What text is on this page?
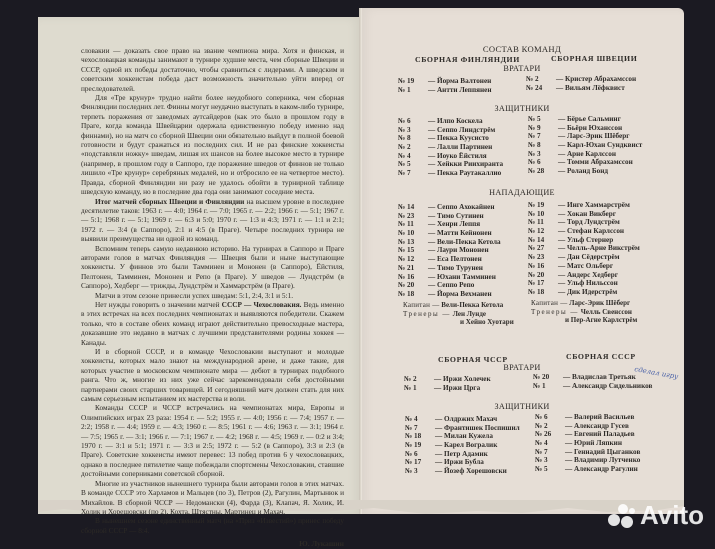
словакии — доказать свое право на звание чемпиона мира. Хотя и финская, и чехословацкая команды занимают в турнире худшие места, чем сборные Швеции и СССР, одной их победы достаточно, чтобы сравниться с лидерами. А шведским и советским хоккеистам победа даст возможность значительно уйти вперед от преследователей.

Для «Тре крунур» трудно найти более неудобного соперника, чем сборная Финляндии последних лет. Финны могут неудачно выступать в каком-либо турнире, терпеть поражения от заведомых аутсайдеров (как это было в прошлом году в Праге, когда команда Швейцарии одержала единственную победу именно над финнами), но на матч со сборной Швеции они обязательно выйдут в полной боевой готовности и будут сражаться из последних сил. И не раз финские хоккеисты «подставляли ножку» шведам, лишая их шансов на более высокое место в турнире (например, в прошлом году в Саппоро, где поражение шведов от финнов не только лишило «Тре крунур» серебряных медалей, но и отбросило ее на четвертое место). Правда, сборной Финляндии ни разу не удалось обойти в турнирной таблице шведскую команду, но в последние два года они занимают соседние места.

Итог матчей сборных Швеции и Финляндии на высшем уровне в последнее десятилетие таков: 1963 г. — 4:0; 1964 г. — 7:0; 1965 г. — 2:2; 1966 г. — 5:1; 1967 г. — 5:1; 1968 г. — 5:1; 1969 г. — 6:3 и 5:0; 1970 г. — 1:3 и 4:3; 1971 г. — 1:1 и 2:1; 1972 г. — 3:4 (в Саппоро), 2:1 и 4:5 (в Праге). Четыре последних турнира не выявили преимущества ни одной из команд.

Вспомним теперь самую недавнюю историю. На турнирах в Саппоро и Праге авторами голов в матчах Финляндия — Швеция были и ныне выступающие хоккеисты. У финнов это были Тамминен и Мононен (в Саппоро), Ёйстиля, Пелтонен, Тамминен, Мононен и Репо (в Праге). У шведов — Лундстрём (в Саппоро), Хедберг — трижды, Лундстрём и Хаммарстрём (в Праге).

Матчи в этом сезоне принесли успех шведам: 5:1, 2:4, 3:1 и 5:1.

Нет нужды говорить о значении матчей СССР — Чехословакия. Ведь именно в этих встречах на всех последних чемпионатах и выявляются победители. Скажем только, что в составе обеих команд играют действительно превосходные мастера, доказавшие это недавно в матчах с лучшими представителями родины хоккея — Канады.

И в сборной СССР, и в команде Чехословакии выступают и молодые хоккеисты, которых мало знают на международной арене, и даже такие, для которых участие в московском чемпионате мира — дебют в турнирах подобного ранга. Что ж, многие из них уже сейчас зарекомендовали себя достойными партнерами своих старших товарищей. И сегодняшний матч должен стать для них самым серьезным испытанием их мастерства и воли.

Команды СССР и ЧССР встречались на чемпионатах мира, Европы и Олимпийских играх 23 раза: 1954 г. — 5:2; 1955 г. — 4:0; 1956 г. — 7:4; 1957 г. — 2:2; 1958 г. — 4:4; 1959 г. — 4:3; 1960 г. — 8:5; 1961 г. — 4:6; 1963 г. — 3:1; 1964 г. — 7:5; 1965 г. — 3:1; 1966 г. — 7:1; 1967 г. — 4:2; 1968 г. — 4:5; 1969 г. — 0:2 и 3:4; 1970 г. — 3:1 и 5:1; 1971 г. — 3:3 и 2:5; 1972 г. — 5:2 (в Саппоро), 3:3 и 2:3 (в Праге). Советские хоккеисты имеют перевес: 13 побед против 6 у чехословацких, однако в последнее пятилетие чаще побеждали спортсмены Чехословакии, ставшие достойными соперниками советской сборной.

Многие из участников нынешнего турнира были авторами голов в этих матчах. В команде СССР это Харламов и Мальцев (по 3), Петров (2), Рагулин, Мартынюк и Михайлов. В сборной ЧССР — Недомански (4), Фарда (3), Клапач, Я. Холик, И. Холик и Хорешовски (по 2), Кохта, Штястны, Мартинец и Махач.

В нынешнем сезоне единственный матч (на «Приз «Известий») принес победу сборной СССР — 8:4.

Ю. Лукашин
СОСТАВ КОМАНД
СБОРНАЯ ФИНЛЯНДИИ	СБОРНАЯ ШВЕЦИИ
ВРАТАРИ
№ 19 — Йорма Валтонен
№ 1 — Антти Леппянен
№ 2 — Кристер Абрахамссон
№ 24 — Вильям Лёфквист
ЗАЩИТНИКИ
№ 6 — Илпо Коскела
№ 3 — Сеппо Линдстрём
№ 8 — Пекка Куусисто
№ 2 — Лалли Партинен
№ 4 — Иоуко Ёйстиля
№ 5 — Хейкки Риихиранта
№ 7 — Пекка Раутакаллио
№ 5 — Бёрье Сальминг
№ 9 — Бьёрн Юханссон
№ 7 — Ларс-Эрик Шёберг
№ 8 — Карл-Юхан Сундквист
№ 3 — Арне Карлссон
№ 6 — Томми Абрахамссон
№ 28 — Роланд Бонд
НАПАДАЮЩИЕ
№ 14 — Сеппо Ахокайнен
№ 23 — Тимо Сутинен
№ 11 — Хенри Леппя
№ 10 — Матти Кейнонен
№ 13 — Вели-Пекка Кетола
№ 15 — Лаури Мононен
№ 12 — Еса Пелтонен
№ 21 — Тимо Турунен
№ 16 — Юхани Тамминен
№ 20 — Сеппо Репо
№ 18 — Йорма Вехманен
№ 19 — Инге Хаммарстрём
№ 10 — Хокан Викберг
№ 11 — Торд Лундстрём
№ 12 — Стефан Карлссон
№ 14 — Ульф Стернер
№ 27 — Челль-Арне Викстрём
№ 23 — Дан Сёдерстрём
№ 16 — Матс Ольберг
№ 20 — Андерс Хедберг
№ 17 — Ульф Нильссон
№ 18 — Дик Идерстрём
Капитан — Вели-Пекка Кетола
Тренеры — Лен Лунде
и Хейно Хуотари
Капитан — Ларс-Эрик Шёберг
Тренеры — Челль Свенссон
и Пер-Агне Карлстрём
СБОРНАЯ ЧССР	СБОРНАЯ СССР
ВРАТАРИ
№ 2 — Иржи Холечек
№ 1 — Иржи Црга
№ 20 — Владислав Третьяк
№ 1 — Александр Сидельников
ЗАЩИТНИКИ
№ 4 — Олдржих Махач
№ 7 — Франтишек Поспишил
№ 18 — Милан Кужела
№ 19 — Карел Вогралик
№ 6 — Петр Адамик
№ 17 — Иржи Бубла
№ 3 — Йозеф Хорешовски
№ 6 — Валерий Васильев
№ 2 — Александр Гусев
№ 26 — Евгений Паладьев
№ 4 — Юрий Ляпкин
№ 7 — Геннадий Цыганков
№ 3 — Владимир Лутченко
№ 5 — Александр Рагулин
сделал игру
Avito
